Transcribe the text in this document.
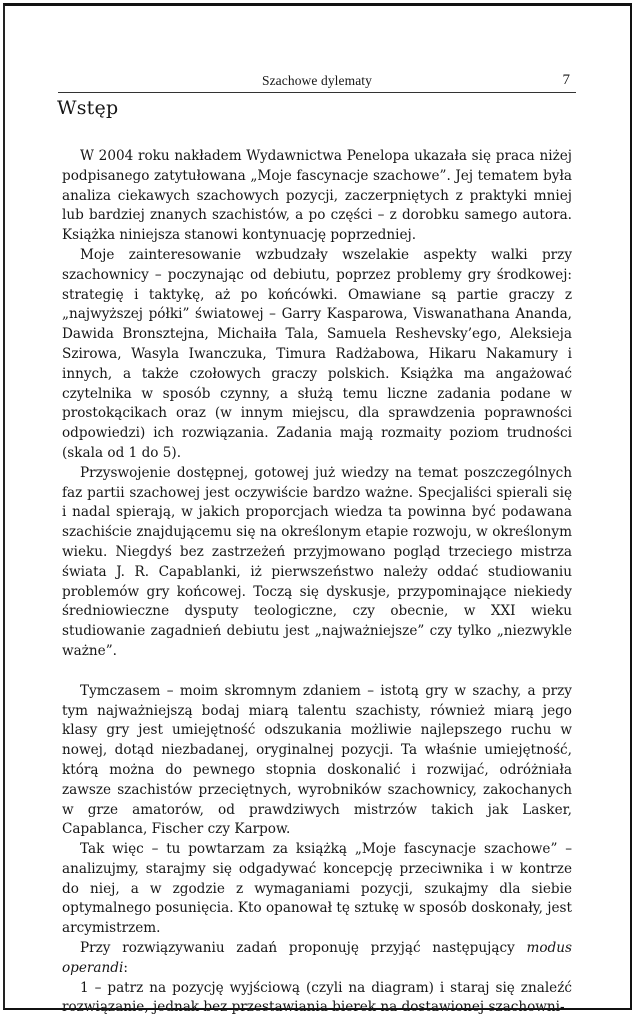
Szachowe dylematy	7
Wstęp

W 2004 roku nakładem Wydawnictwa Penelopa ukazała się praca niżej podpisanego zatytułowana „Moje fascynacje szachowe”. Jej tematem była analiza ciekawych szachowych pozycji, zaczerpniętych z praktyki mniej lub bardziej znanych szachistów, a po części – z dorobku samego autora. Książka niniejsza stanowi kontynuację poprzedniej.

Moje zainteresowanie wzbudzały wszelakie aspekty walki przy szachownicy – poczynając od debiutu, poprzez problemy gry środkowej: strategię i taktykę, aż po końcówki. Omawiane są partie graczy z „najwyższej półki” światowej – Garry Kasparowa, Viswanathana Ananda, Dawida Bronsztejna, Michaiła Tala, Samuela Reshevsky’ego, Aleksieja Szirowa, Wasyla Iwanczuka, Timura Radżabowa, Hikaru Nakamury i innych, a także czołowych graczy polskich. Książka ma angażować czytelnika w sposób czynny, a służą temu liczne zadania podane w prostokącikach oraz (w innym miejscu, dla sprawdzenia poprawności odpowiedzi) ich rozwiązania. Zadania mają rozmaity poziom trudności (skala od 1 do 5).

Przyswojenie dostępnej, gotowej już wiedzy na temat poszczególnych faz partii szachowej jest oczywiście bardzo ważne. Specjaliści spierali się i nadal spierają, w jakich proporcjach wiedza ta powinna być podawana szachiście znajdującemu się na określonym etapie rozwoju, w określonym wieku. Niegdyś bez zastrzeżeń przyjmowano pogląd trzeciego mistrza świata J. R. Capablanki, iż pierwszeństwo należy oddać studiowaniu problemów gry końcowej. Toczą się dyskusje, przypominające niekiedy średniowieczne dysputy teologiczne, czy obecnie, w XXI wieku studiowanie zagadnień debiutu jest „najważniejsze” czy tylko „niezwykle ważne”.

Tymczasem – moim skromnym zdaniem – istotą gry w szachy, a przy tym najważniejszą bodaj miarą talentu szachisty, również miarą jego klasy gry jest umiejętność odszukania możliwie najlepszego ruchu w nowej, dotąd niezbadanej, oryginalnej pozycji. Ta właśnie umiejętność, którą można do pewnego stopnia doskonalić i rozwijać, odróżniała zawsze szachistów przeciętnych, wyrobników szachownicy, zakochanych w grze amatorów, od prawdziwych mistrzów takich jak Lasker, Capablanca, Fischer czy Karpow.

Tak więc – tu powtarzam za książką „Moje fascynacje szachowe” – analizujmy, starajmy się odgadywać koncepcję przeciwnika i w kontrze do niej, a w zgodzie z wymaganiami pozycji, szukajmy dla siebie optymalnego posunięcia. Kto opanował tę sztukę w sposób doskonały, jest arcymistrzem.

Przy rozwiązywaniu zadań proponuję przyjąć następujący modus operandi:

1 – patrz na pozycję wyjściową (czyli na diagram) i staraj się znaleźć rozwiązanie, jednak bez przestawiania bierek na dostawionej szachowni-
